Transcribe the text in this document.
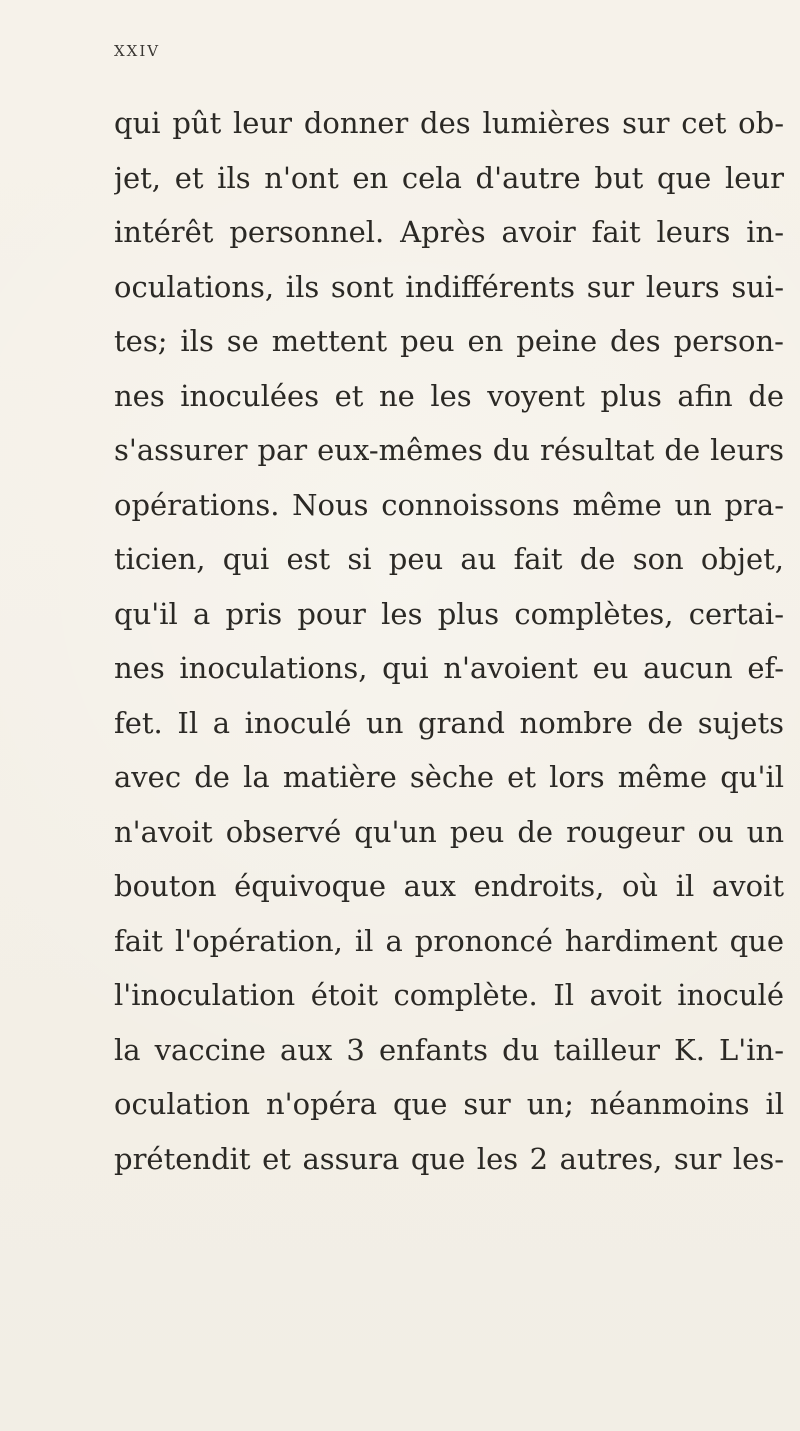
XXIV
qui pût leur donner des lumières sur cet ob-
jet, et ils n'ont en cela d'autre but que leur
intérêt personnel. Après avoir fait leurs in-
oculations, ils sont indifférents sur leurs sui-
tes; ils se mettent peu en peine des person-
nes inoculées et ne les voyent plus afin de
s'assurer par eux-mêmes du résultat de leurs
opérations. Nous connoissons même un pra-
ticien, qui est si peu au fait de son objet,
qu'il a pris pour les plus complètes, certai-
nes inoculations, qui n'avoient eu aucun ef-
fet. Il a inoculé un grand nombre de sujets
avec de la matière sèche et lors même qu'il
n'avoit observé qu'un peu de rougeur ou un
bouton équivoque aux endroits, où il avoit
fait l'opération, il a prononcé hardiment que
l'inoculation étoit complète. Il avoit inoculé
la vaccine aux 3 enfants du tailleur K. L'in-
oculation n'opéra que sur un; néanmoins il
prétendit et assura que les 2 autres, sur les-
